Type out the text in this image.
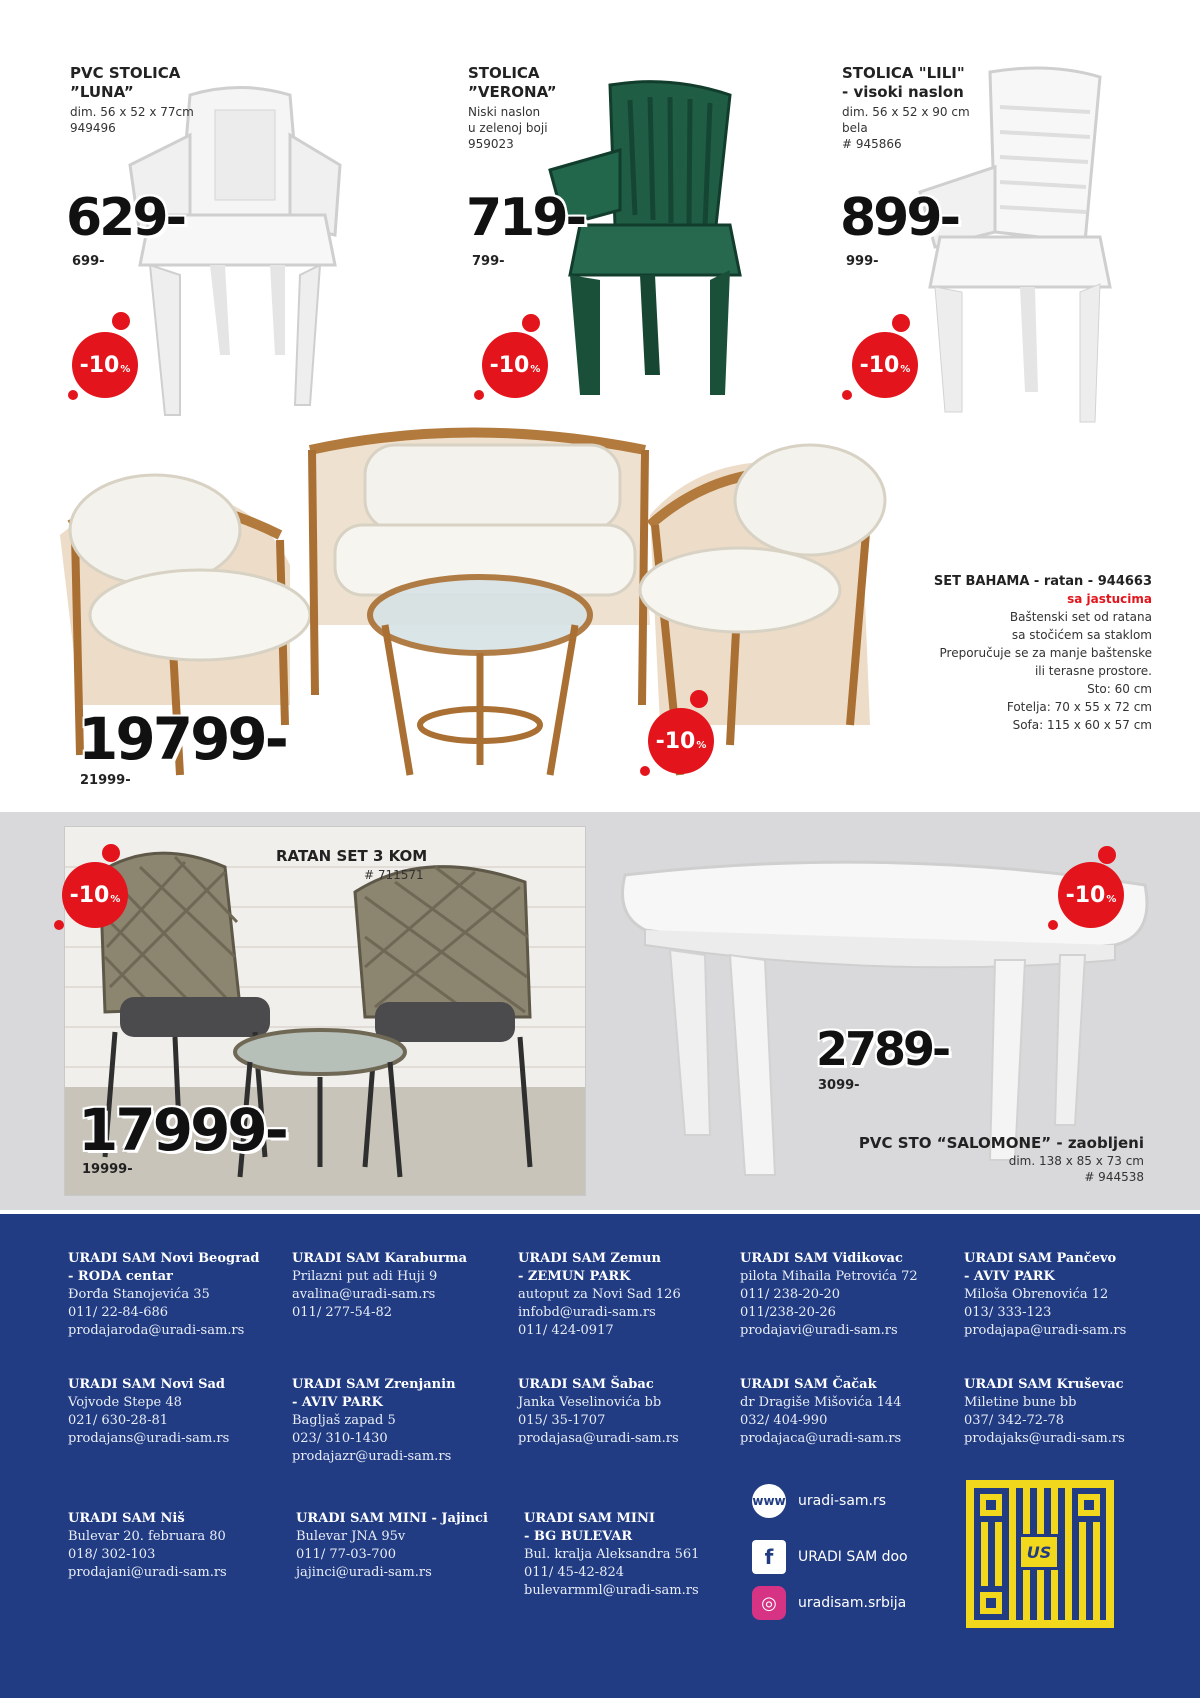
PVC STOLICA
”LUNA”
dim. 56 x 52 x 77cm
949496
629-
699-
-10 %
STOLICA
”VERONA”
Niski naslon
u zelenoj boji
959023
719-
799-
-10 %
STOLICA "LILI"
- visoki naslon
dim. 56 x 52 x 90 cm
bela
# 945866
899-
999-
-10 %
19799-
21999-
-10 %
SET BAHAMA - ratan - 944663
sa jastucima
Baštenski set od ratana
sa stočićem sa staklom
Preporučuje se za manje baštenske
ili terasne prostore.
Sto: 60 cm
Fotelja: 70 x 55 x 72 cm
Sofa: 115 x 60 x 57 cm
RATAN SET 3 KOM
# 711571
17999-
19999-
-10 %	-10 %
2789-
3099-
PVC STO “SALOMONE” - zaobljeni
dim. 138 x 85 x 73 cm
# 944538
URADI SAM Novi Beograd
- RODA centar
Đorđa Stanojevića 35
011/ 22-84-686
prodajaroda@uradi-sam.rs
URADI SAM Karaburma
Prilazni put adi Huji 9
avalina@uradi-sam.rs
011/ 277-54-82
URADI SAM Zemun
- ZEMUN PARK
autoput za Novi Sad 126
infobd@uradi-sam.rs
011/ 424-0917
URADI SAM Vidikovac
pilota Mihaila Petrovića 72
011/ 238-20-20
011/238-20-26
prodajavi@uradi-sam.rs
URADI SAM Pančevo
- AVIV PARK
Miloša Obrenovića 12
013/ 333-123
prodajapa@uradi-sam.rs
URADI SAM Novi Sad
Vojvode Stepe 48
021/ 630-28-81
prodajans@uradi-sam.rs
URADI SAM Zrenjanin
- AVIV PARK
Bagljaš zapad 5
023/ 310-1430
prodajazr@uradi-sam.rs
URADI SAM Šabac
Janka Veselinovića bb
015/ 35-1707
prodajasa@uradi-sam.rs
URADI SAM Čačak
dr Dragiše Mišovića 144
032/ 404-990
prodajaca@uradi-sam.rs
URADI SAM Kruševac
Miletine bune bb
037/ 342-72-78
prodajaks@uradi-sam.rs
URADI SAM Niš
Bulevar 20. februara 80
018/ 302-103
prodajani@uradi-sam.rs
URADI SAM MINI - Jajinci
Bulevar JNA 95v
011/ 77-03-700
jajinci@uradi-sam.rs
URADI SAM MINI
- BG BULEVAR
Bul. kralja Aleksandra 561
011/ 45-42-824
bulevarmml@uradi-sam.rs
www uradi-sam.rs
f	URADI SAM doo
◎	uradisam.srbija
US
